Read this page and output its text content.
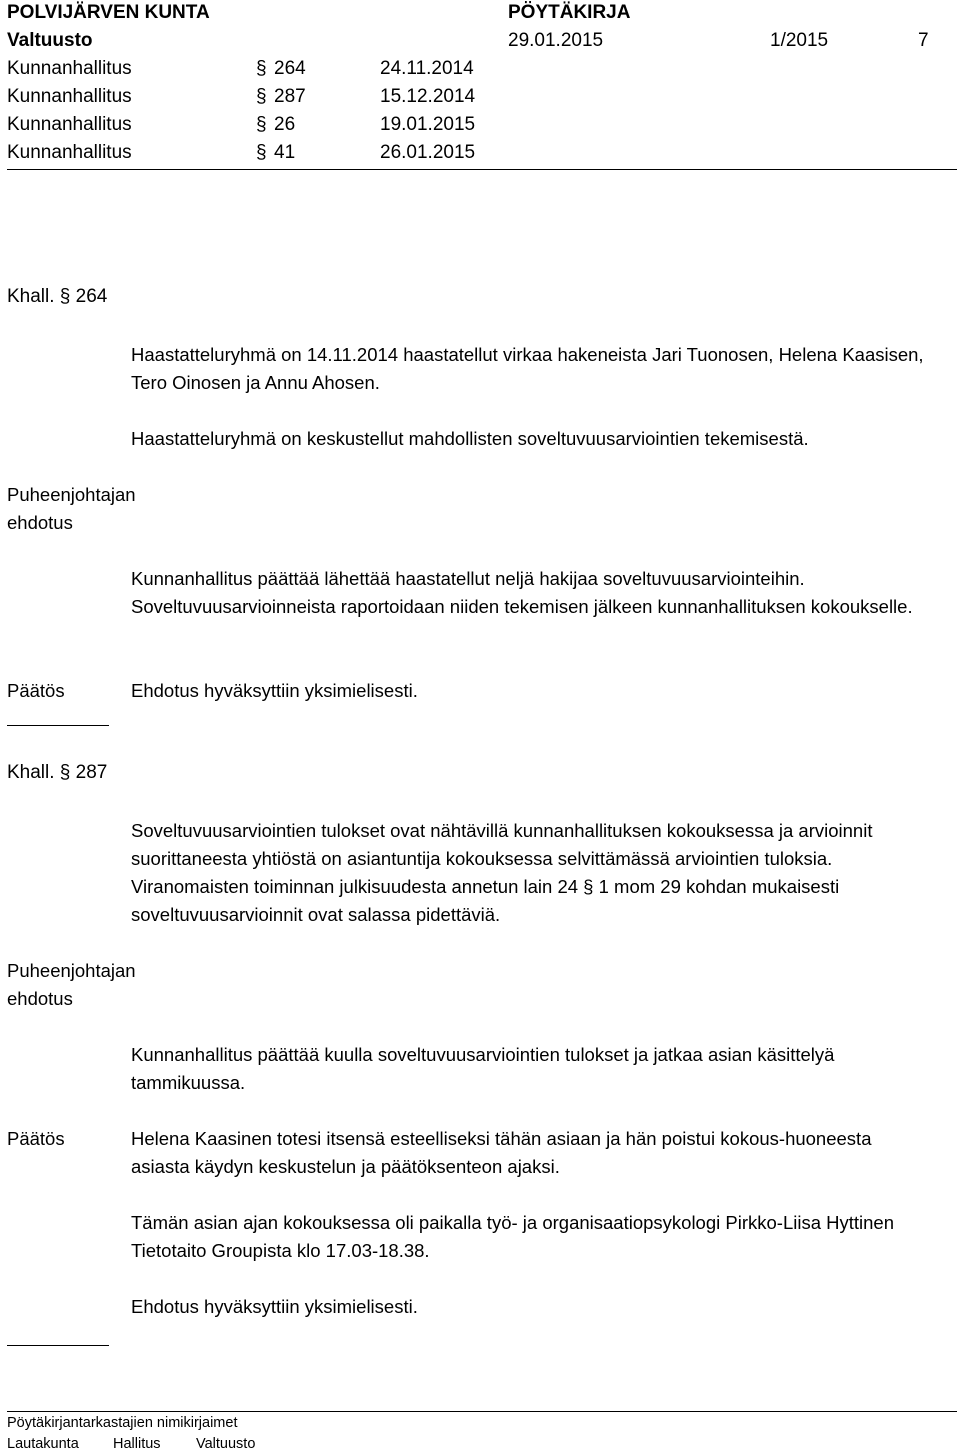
POLVIJÄRVEN KUNTA	PÖYTÄKIRJA
Valtuusto	29.01.2015	1/2015	7
Kunnanhallitus	§ 264	24.11.2014
Kunnanhallitus	§ 287	15.12.2014
Kunnanhallitus	§ 26	19.01.2015
Kunnanhallitus	§ 41	26.01.2015
Khall. § 264
Haastatteluryhmä on 14.11.2014 haastatellut virkaa hakeneista Jari Tuonosen, Helena Kaasisen, Tero Oinosen ja Annu Ahosen.
Haastatteluryhmä on keskustellut mahdollisten soveltuvuusarviointien tekemisestä.
Puheenjohtajan ehdotus
Kunnanhallitus päättää lähettää haastatellut neljä hakijaa soveltuvuusarviointeihin. Soveltuvuusarvioinneista raportoidaan niiden tekemisen jälkeen kunnanhallituksen kokoukselle.
Päätös	Ehdotus hyväksyttiin yksimielisesti.
Khall. § 287
Soveltuvuusarviointien tulokset ovat nähtävillä kunnanhallituksen kokouksessa ja arvioinnit suorittaneesta yhtiöstä on asiantuntija kokouksessa selvittämässä arviointien tuloksia. Viranomaisten toiminnan julkisuudesta annetun lain 24 § 1 mom 29 kohdan mukaisesti soveltuvuusarvioinnit ovat salassa pidettäviä.
Puheenjohtajan ehdotus
Kunnanhallitus päättää kuulla soveltuvuusarviointien tulokset ja jatkaa asian käsittelyä tammikuussa.
Päätös	Helena Kaasinen totesi itsensä esteelliseksi tähän asiaan ja hän poistui kokous-huoneesta asiasta käydyn keskustelun ja päätöksenteon ajaksi.
Tämän asian ajan kokouksessa oli paikalla työ- ja organisaatiopsykologi Pirkko-Liisa Hyttinen Tietotaito Groupista klo 17.03-18.38.
Ehdotus hyväksyttiin yksimielisesti.
Pöytäkirjantarkastajien nimikirjaimet
Lautakunta Hallitus Valtuusto
